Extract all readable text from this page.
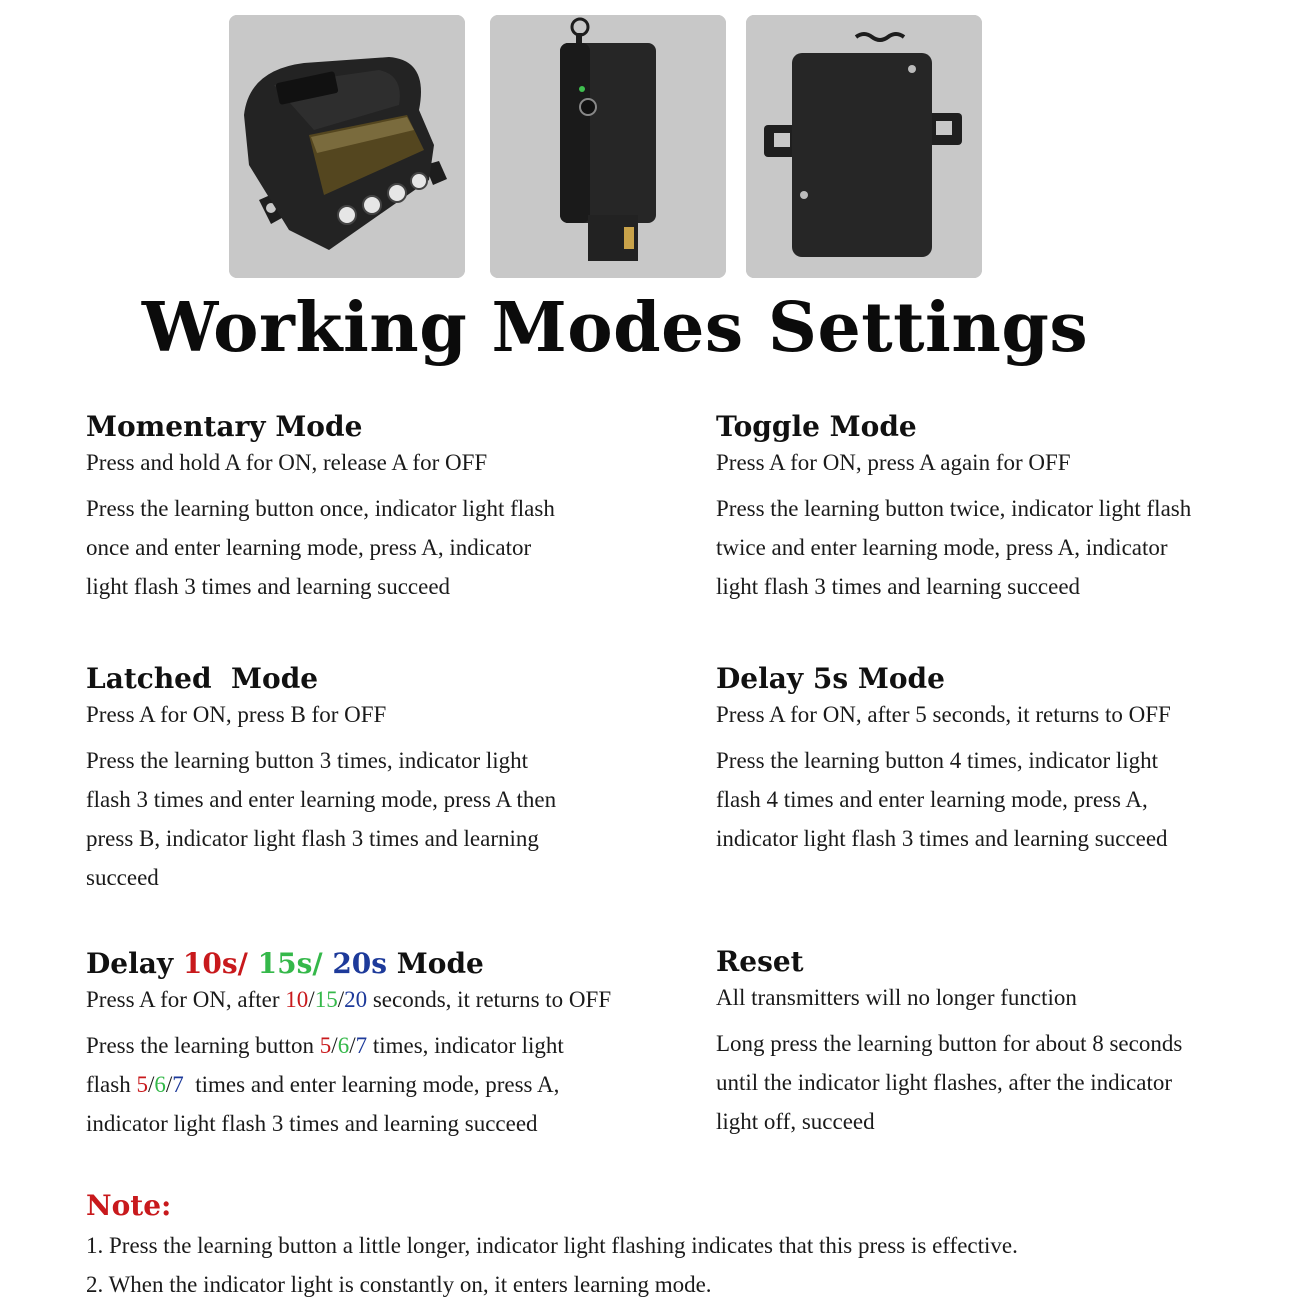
Working Modes Settings
Momentary Mode
Press and hold A for ON, release A for OFF
Press the learning button once, indicator light flash
once and enter learning mode, press A, indicator
light flash 3 times and learning succeed
Toggle Mode
Press A for ON, press A again for OFF
Press the learning button twice, indicator light flash
twice and enter learning mode, press A, indicator
light flash 3 times and learning succeed
Latched  Mode
Press A for ON, press B for OFF
Press the learning button 3 times, indicator light
flash 3 times and enter learning mode, press A then
press B, indicator light flash 3 times and learning
succeed
Delay 5s Mode
Press A for ON, after 5 seconds, it returns to OFF
Press the learning button 4 times, indicator light
flash 4 times and enter learning mode, press A,
indicator light flash 3 times and learning succeed
Delay 10s/ 15s/ 20s Mode
Press A for ON, after 10/15/20 seconds, it returns to OFF
Press the learning button 5/6/7 times, indicator light
flash 5/6/7  times and enter learning mode, press A,
indicator light flash 3 times and learning succeed
Reset
All transmitters will no longer function
Long press the learning button for about 8 seconds
until the indicator light flashes, after the indicator
light off, succeed
Note:
1. Press the learning button a little longer, indicator light flashing indicates that this press is effective.
2. When the indicator light is constantly on, it enters learning mode.
